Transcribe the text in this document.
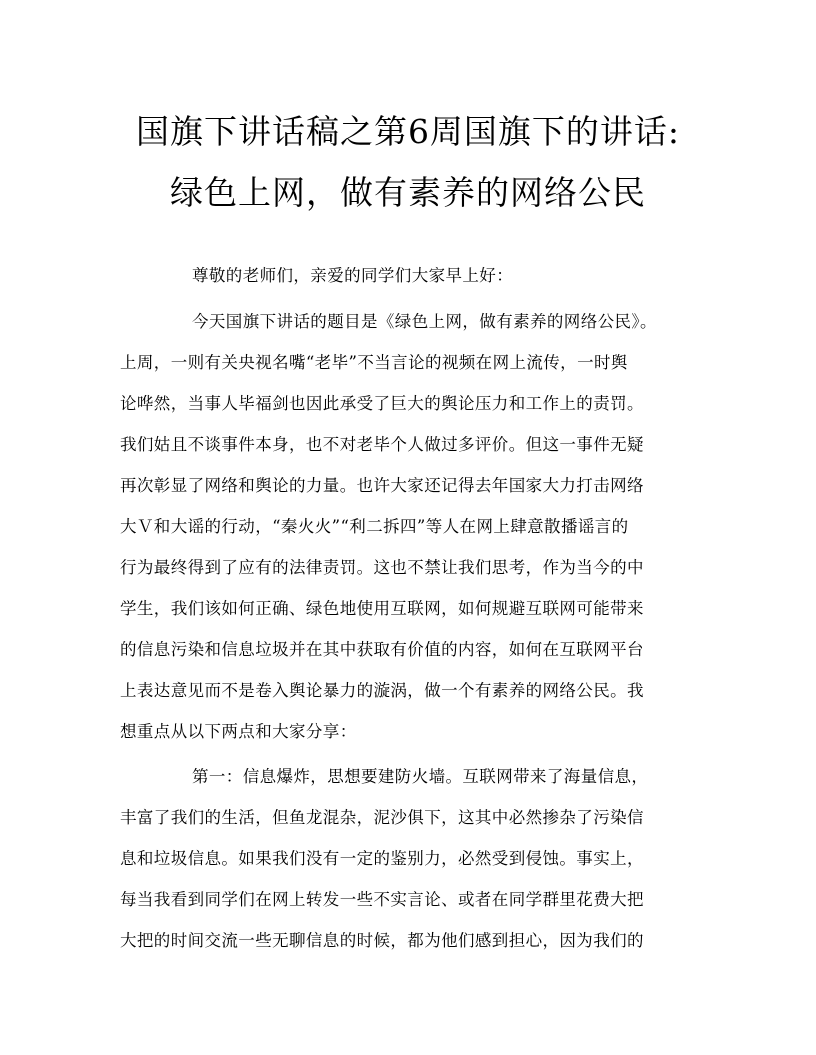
国旗下讲话稿之第6周国旗下的讲话:
绿色上网，做有素养的网络公民
尊敬的老师们，亲爱的同学们大家早上好：
今天国旗下讲话的题目是《绿色上网，做有素养的网络公民》。
上周，一则有关央视名嘴“老毕”不当言论的视频在网上流传，一时舆
论哗然，当事人毕福剑也因此承受了巨大的舆论压力和工作上的责罚。
我们姑且不谈事件本身，也不对老毕个人做过多评价。但这一事件无疑
再次彰显了网络和舆论的力量。也许大家还记得去年国家大力打击网络
大Ｖ和大谣的行动，“秦火火”“利二拆四”等人在网上肆意散播谣言的
行为最终得到了应有的法律责罚。这也不禁让我们思考，作为当今的中
学生，我们该如何正确、绿色地使用互联网，如何规避互联网可能带来
的信息污染和信息垃圾并在其中获取有价值的内容，如何在互联网平台
上表达意见而不是卷入舆论暴力的漩涡，做一个有素养的网络公民。我
想重点从以下两点和大家分享：
第一：信息爆炸，思想要建防火墙。互联网带来了海量信息，
丰富了我们的生活，但鱼龙混杂，泥沙俱下，这其中必然掺杂了污染信
息和垃圾信息。如果我们没有一定的鉴别力，必然受到侵蚀。事实上，
每当我看到同学们在网上转发一些不实言论、或者在同学群里花费大把
大把的时间交流一些无聊信息的时候，都为他们感到担心，因为我们的
